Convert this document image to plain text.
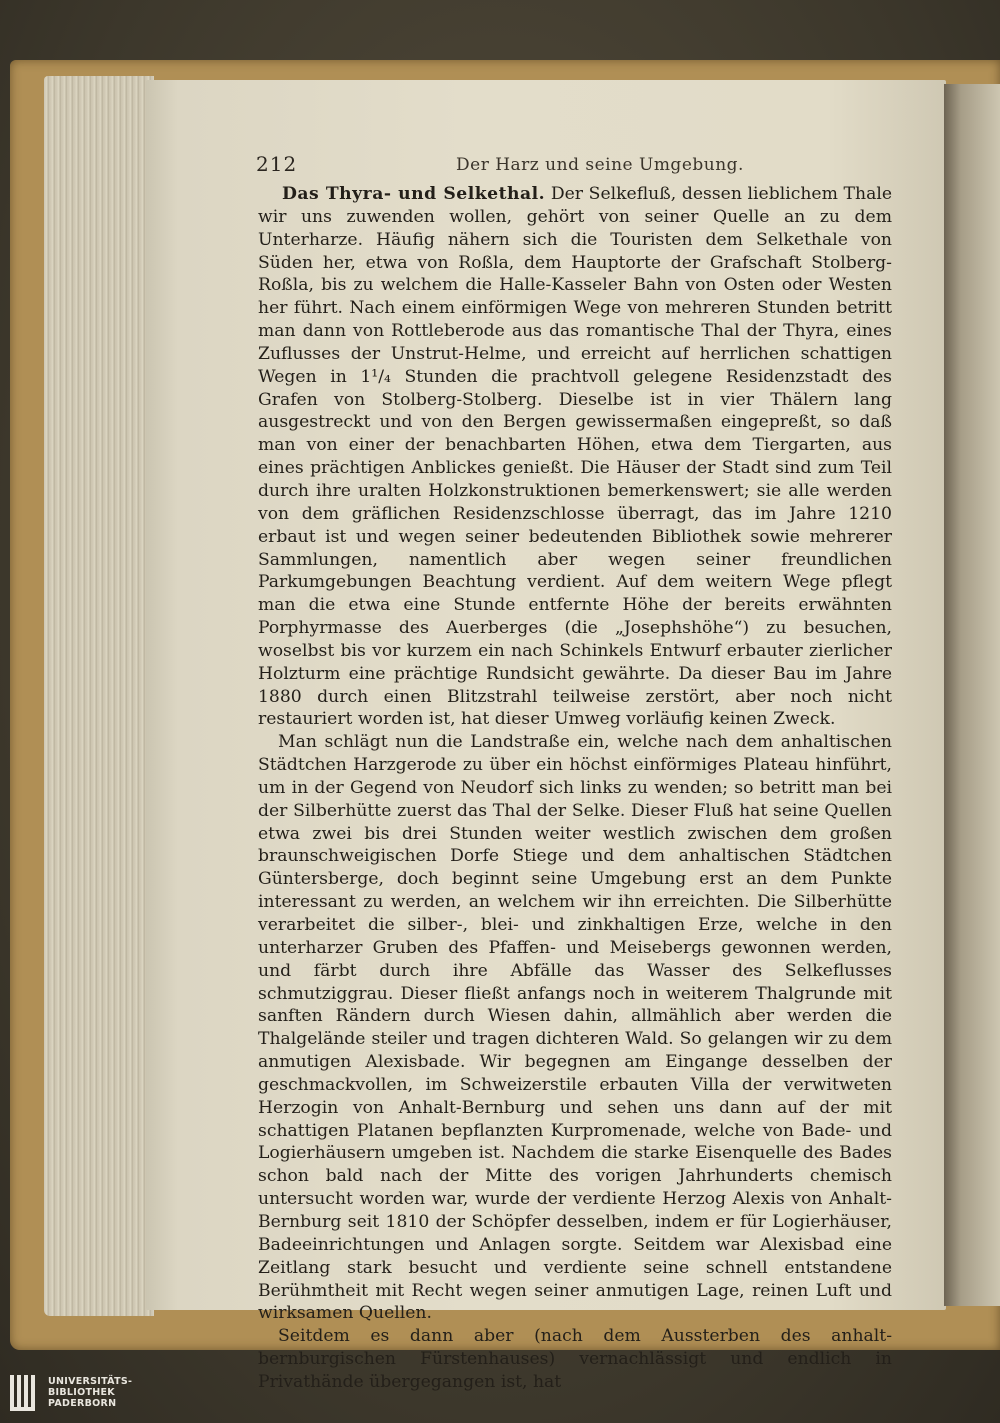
212	Der Harz und seine Umgebung.

Das Thyra- und Selkethal. Der Selkefluß, dessen lieblichem Thale wir uns zuwenden wollen, gehört von seiner Quelle an zu dem Unterharze. Häufig nähern sich die Touristen dem Selkethale von Süden her, etwa von Roßla, dem Hauptorte der Grafschaft Stolberg-Roßla, bis zu welchem die Halle-Kasseler Bahn von Osten oder Westen her führt. Nach einem einförmigen Wege von mehreren Stunden betritt man dann von Rottleberode aus das romantische Thal der Thyra, eines Zuflusses der Unstrut-Helme, und erreicht auf herrlichen schattigen Wegen in 1¹/₄ Stunden die prachtvoll gelegene Residenzstadt des Grafen von Stolberg-Stolberg. Dieselbe ist in vier Thälern lang ausgestreckt und von den Bergen gewissermaßen eingepreßt, so daß man von einer der benachbarten Höhen, etwa dem Tiergarten, aus eines prächtigen Anblickes genießt. Die Häuser der Stadt sind zum Teil durch ihre uralten Holzkonstruktionen bemerkenswert; sie alle werden von dem gräflichen Residenzschlosse überragt, das im Jahre 1210 erbaut ist und wegen seiner bedeutenden Bibliothek sowie mehrerer Sammlungen, namentlich aber wegen seiner freundlichen Parkumgebungen Beachtung verdient. Auf dem weitern Wege pflegt man die etwa eine Stunde entfernte Höhe der bereits erwähnten Porphyrmasse des Auerberges (die „Josephshöhe“) zu besuchen, woselbst bis vor kurzem ein nach Schinkels Entwurf erbauter zierlicher Holzturm eine prächtige Rundsicht gewährte. Da dieser Bau im Jahre 1880 durch einen Blitzstrahl teilweise zerstört, aber noch nicht restauriert worden ist, hat dieser Umweg vorläufig keinen Zweck.

Man schlägt nun die Landstraße ein, welche nach dem anhaltischen Städtchen Harzgerode zu über ein höchst einförmiges Plateau hinführt, um in der Gegend von Neudorf sich links zu wenden; so betritt man bei der Silberhütte zuerst das Thal der Selke. Dieser Fluß hat seine Quellen etwa zwei bis drei Stunden weiter westlich zwischen dem großen braunschweigischen Dorfe Stiege und dem anhaltischen Städtchen Güntersberge, doch beginnt seine Umgebung erst an dem Punkte interessant zu werden, an welchem wir ihn erreichten. Die Silberhütte verarbeitet die silber-, blei- und zinkhaltigen Erze, welche in den unterharzer Gruben des Pfaffen- und Meisebergs gewonnen werden, und färbt durch ihre Abfälle das Wasser des Selkeflusses schmutziggrau. Dieser fließt anfangs noch in weiterem Thalgrunde mit sanften Rändern durch Wiesen dahin, allmählich aber werden die Thalgelände steiler und tragen dichteren Wald. So gelangen wir zu dem anmutigen Alexisbade. Wir begegnen am Eingange desselben der geschmackvollen, im Schweizerstile erbauten Villa der verwitweten Herzogin von Anhalt-Bernburg und sehen uns dann auf der mit schattigen Platanen bepflanzten Kurpromenade, welche von Bade- und Logierhäusern umgeben ist. Nachdem die starke Eisenquelle des Bades schon bald nach der Mitte des vorigen Jahrhunderts chemisch untersucht worden war, wurde der verdiente Herzog Alexis von Anhalt-Bernburg seit 1810 der Schöpfer desselben, indem er für Logierhäuser, Badeeinrichtungen und Anlagen sorgte. Seitdem war Alexisbad eine Zeitlang stark besucht und verdiente seine schnell entstandene Berühmtheit mit Recht wegen seiner anmutigen Lage, reinen Luft und wirksamen Quellen.

Seitdem es dann aber (nach dem Aussterben des anhalt-bernburgischen Fürstenhauses) vernachlässigt und endlich in Privathände übergegangen ist, hat

UNIVERSITÄTS-
BIBLIOTHEK
PADERBORN
